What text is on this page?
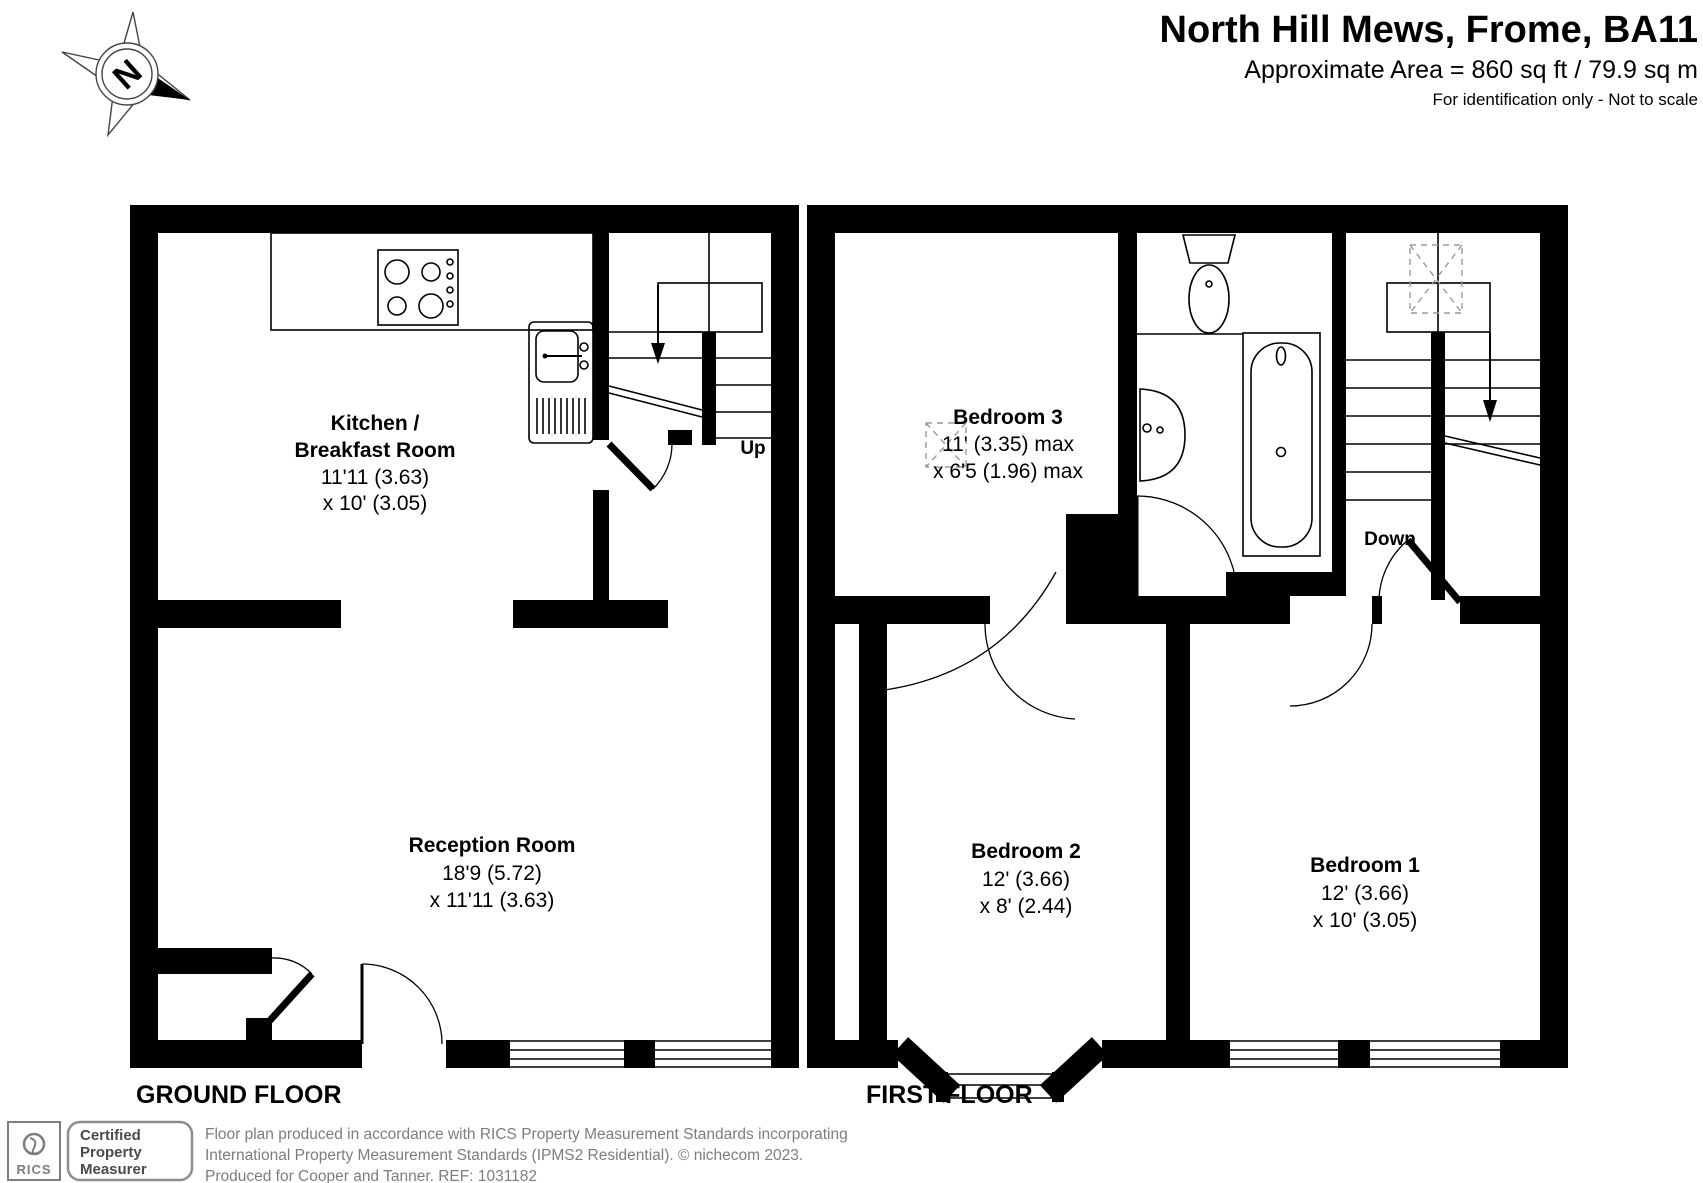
North Hill Mews, Frome, BA11
Approximate Area = 860 sq ft / 79.9 sq m
For identification only - Not to scale
N
Up
Kitchen /
Breakfast Room
11'11 (3.63)
x 10' (3.05)
Reception Room
18'9 (5.72)
x 11'11 (3.63)
Down
Bedroom 3
11' (3.35) max
x 6'5 (1.96) max
Bedroom 2
12' (3.66)
x 8' (2.44)
Bedroom 1
12' (3.66)
x 10' (3.05)
GROUND FLOOR	FIRST FLOOR
RICS
Certified
Property
Measurer
Floor plan produced in accordance with RICS Property Measurement Standards incorporating
International Property Measurement Standards (IPMS2 Residential). © nichecom 2023.
Produced for Cooper and Tanner. REF: 1031182
